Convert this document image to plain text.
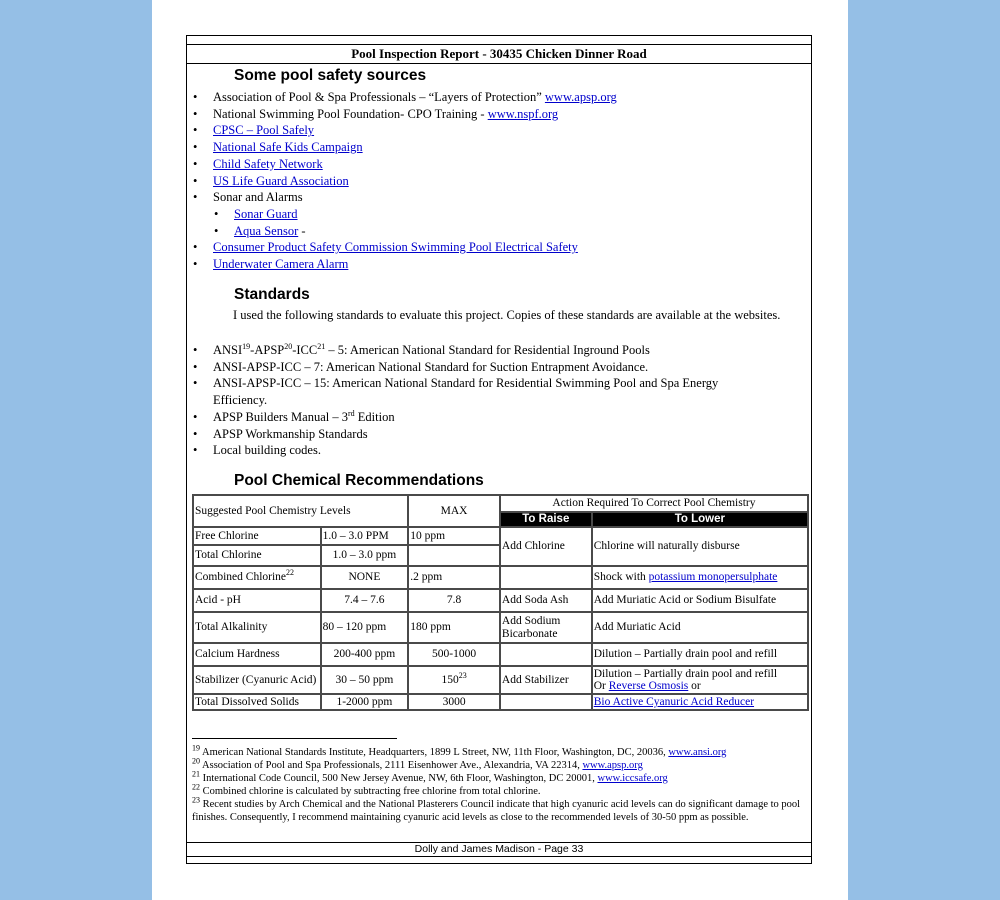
Pool Inspection Report - 30435 Chicken Dinner Road
Some pool safety sources
• Association of Pool & Spa Professionals – “Layers of Protection” www.apsp.org
• National Swimming Pool Foundation- CPO Training - www.nspf.org
• CPSC – Pool Safely
• National Safe Kids Campaign
• Child Safety Network
• US Life Guard Association
• Sonar and Alarms
• Sonar Guard
• Aqua Sensor -
• Consumer Product Safety Commission Swimming Pool Electrical Safety
• Underwater Camera Alarm
Standards
I used the following standards to evaluate this project. Copies of these standards are available at the websites.
• ANSI$^{19}$-APSP$^{20}$-ICC$^{21}$ – 5: American National Standard for Residential Inground Pools
• ANSI-APSP-ICC – 7: American National Standard for Suction Entrapment Avoidance.
• ANSI-APSP-ICC – 15: American National Standard for Residential Swimming Pool and Spa Energy Efficiency.
• APSP Builders Manual – 3rd Edition
• APSP Workmanship Standards
• Local building codes.
Pool Chemical Recommendations
Suggested Pool Chemistry Levels		MAX	Action Required To Correct Pool Chemistry	
			To Raise	To Lower
Free Chlorine	1.0 – 3.0 PPM	10 ppm	Add Chlorine	Chlorine will naturally disburse
Total Chlorine	1.0 – 3.0 ppm			
Combined Chlorine$^{22}$	NONE	.2 ppm		Shock with potassium monopersulphate
Acid - pH	7.4 – 7.6	7.8	Add Soda Ash	Add Muriatic Acid or Sodium Bisulfate
Total Alkalinity	80 – 120 ppm	180 ppm	Add Sodium Bicarbonate	Add Muriatic Acid
Calcium Hardness	200-400 ppm	500-1000		Dilution – Partially drain pool and refill
Stabilizer (Cyanuric Acid)	30 – 50 ppm	$150^{23}$	Add Stabilizer	Dilution – Partially drain pool and refill
Or Reverse Osmosis or

Total Dissolved Solids	1-2000 ppm	3000		Bio Active Cyanuric Acid Reducer
$^{19}$ American National Standards Institute, Headquarters, 1899 L Street, NW, 11th Floor, Washington, DC, 20036, www.ansi.org
$^{20}$ Association of Pool and Spa Professionals, 2111 Eisenhower Ave., Alexandria, VA 22314, www.apsp.org
$^{21}$ International Code Council, 500 New Jersey Avenue, NW, 6th Floor, Washington, DC 20001, www.iccsafe.org
$^{22}$ Combined chlorine is calculated by subtracting free chlorine from total chlorine.
$^{23}$ Recent studies by Arch Chemical and the National Plasterers Council indicate that high cyanuric acid levels can do significant damage to pool finishes. Consequently, I recommend maintaining cyanuric acid levels as close to the recommended levels of 30-50 ppm as possible.
Dolly and James Madison - Page 33
